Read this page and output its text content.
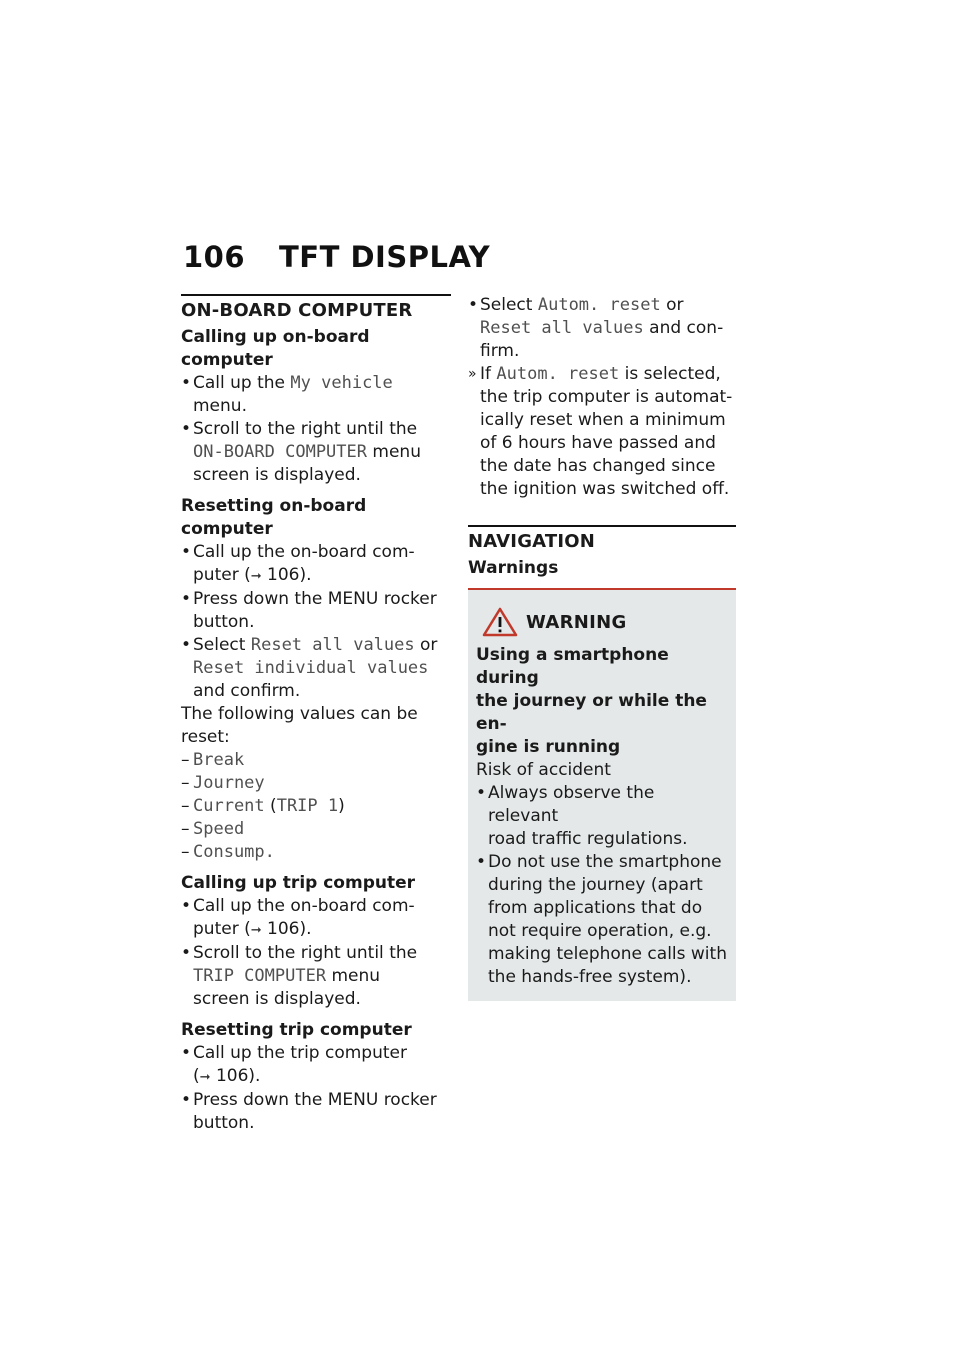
106 TFT DISPLAY
ON-BOARD COMPUTER
Calling up on-board computer
• Call up the My vehicle
menu.
• Scroll to the right until the
ON-BOARD COMPUTER menu
screen is displayed.
Resetting on-board computer
• Call up the on-board com-
puter (➞ 106).
• Press down the MENU rocker
button.
• Select Reset all values or
Reset individual values
and confirm.
The following values can be
reset:
– Break
– Journey
– Current (TRIP 1)
– Speed
– Consump.
Calling up trip computer
• Call up the on-board com-
puter (➞ 106).
• Scroll to the right until the
TRIP COMPUTER menu
screen is displayed.
Resetting trip computer
• Call up the trip computer
(➞ 106).
• Press down the MENU rocker
button.
• Select Autom. reset or
Reset all values and con-
firm.
» If Autom. reset is selected,
the trip computer is automat-
ically reset when a minimum
of 6 hours have passed and
the date has changed since
the ignition was switched off.
NAVIGATION
Warnings
WARNING
Using a smartphone during
the journey or while the en-
gine is running
Risk of accident
• Always observe the relevant
road traffic regulations.
• Do not use the smartphone
during the journey (apart
from applications that do
not require operation, e.g.
making telephone calls with
the hands-free system).
